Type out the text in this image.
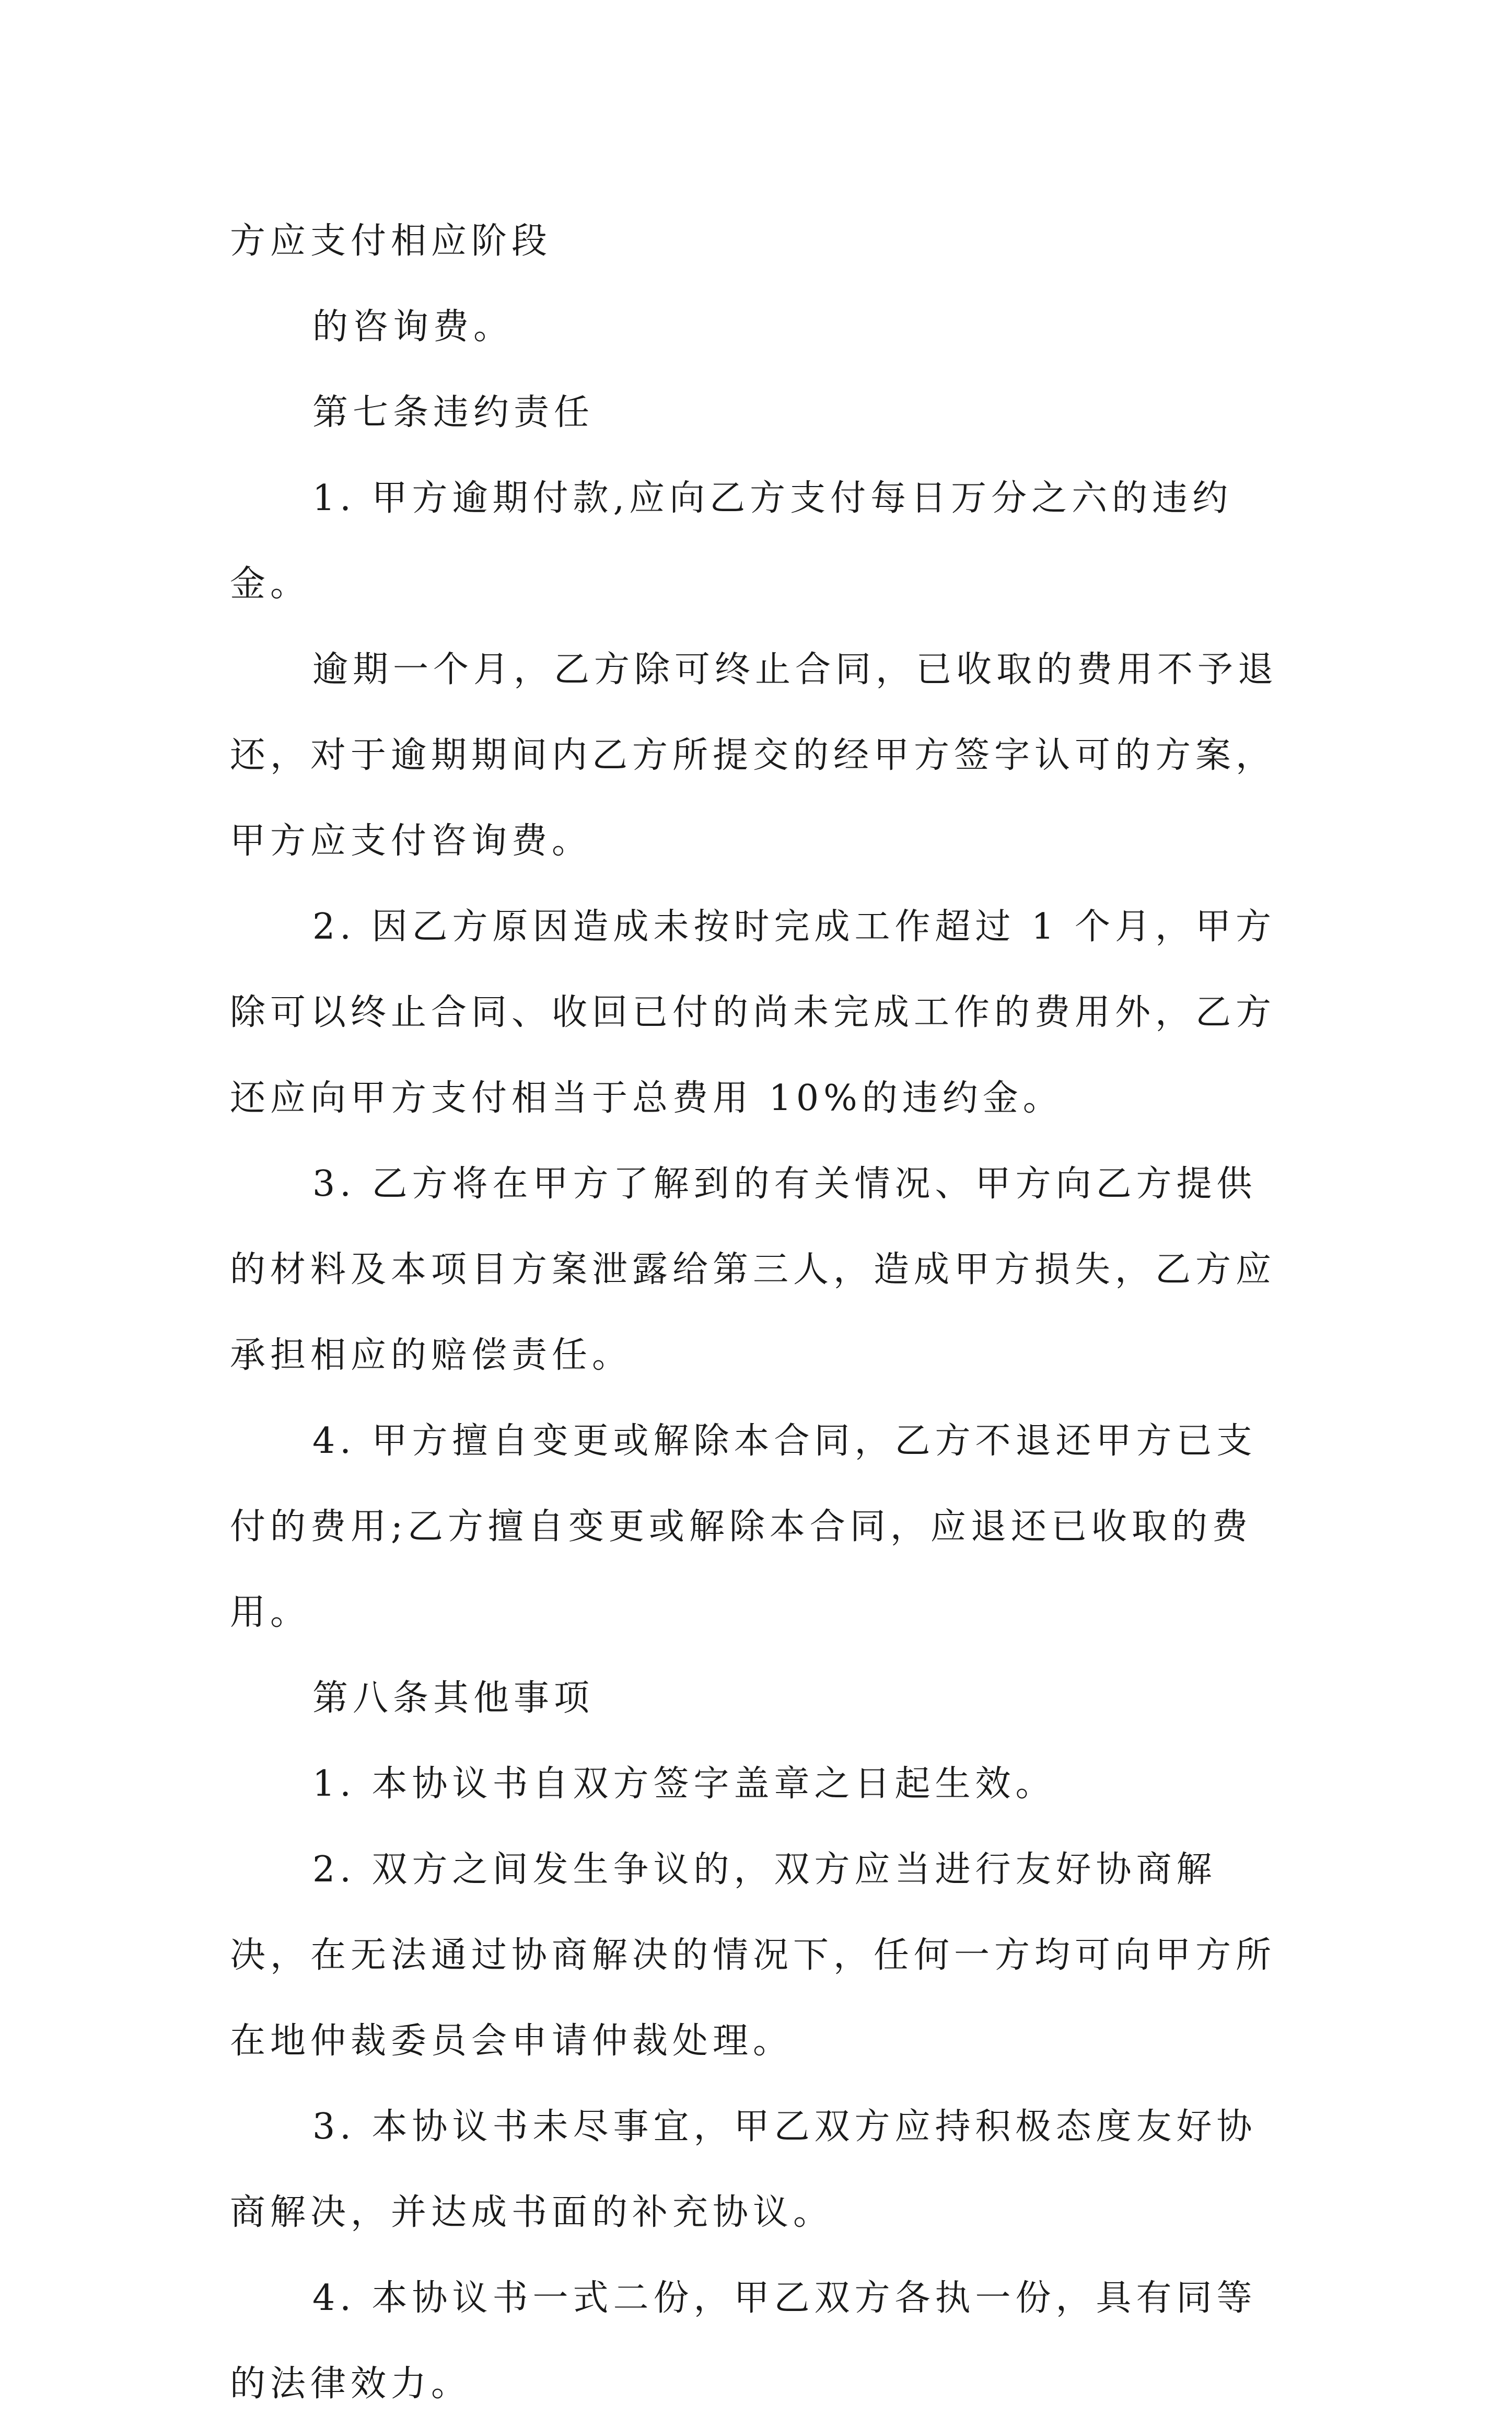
方应支付相应阶段

的咨询费。

第七条违约责任

1. 甲方逾期付款,应向乙方支付每日万分之六的违约金。

逾期一个月，乙方除可终止合同，已收取的费用不予退还，对于逾期期间内乙方所提交的经甲方签字认可的方案，甲方应支付咨询费。

2. 因乙方原因造成未按时完成工作超过 1 个月，甲方除可以终止合同、收回已付的尚未完成工作的费用外，乙方还应向甲方支付相当于总费用 10%的违约金。

3. 乙方将在甲方了解到的有关情况、甲方向乙方提供的材料及本项目方案泄露给第三人，造成甲方损失，乙方应承担相应的赔偿责任。

4. 甲方擅自变更或解除本合同，乙方不退还甲方已支付的费用;乙方擅自变更或解除本合同，应退还已收取的费用。

第八条其他事项

1. 本协议书自双方签字盖章之日起生效。

2. 双方之间发生争议的，双方应当进行友好协商解决，在无法通过协商解决的情况下，任何一方均可向甲方所在地仲裁委员会申请仲裁处理。

3. 本协议书未尽事宜，甲乙双方应持积极态度友好协商解决，并达成书面的补充协议。

4. 本协议书一式二份，甲乙双方各执一份，具有同等的法律效力。
